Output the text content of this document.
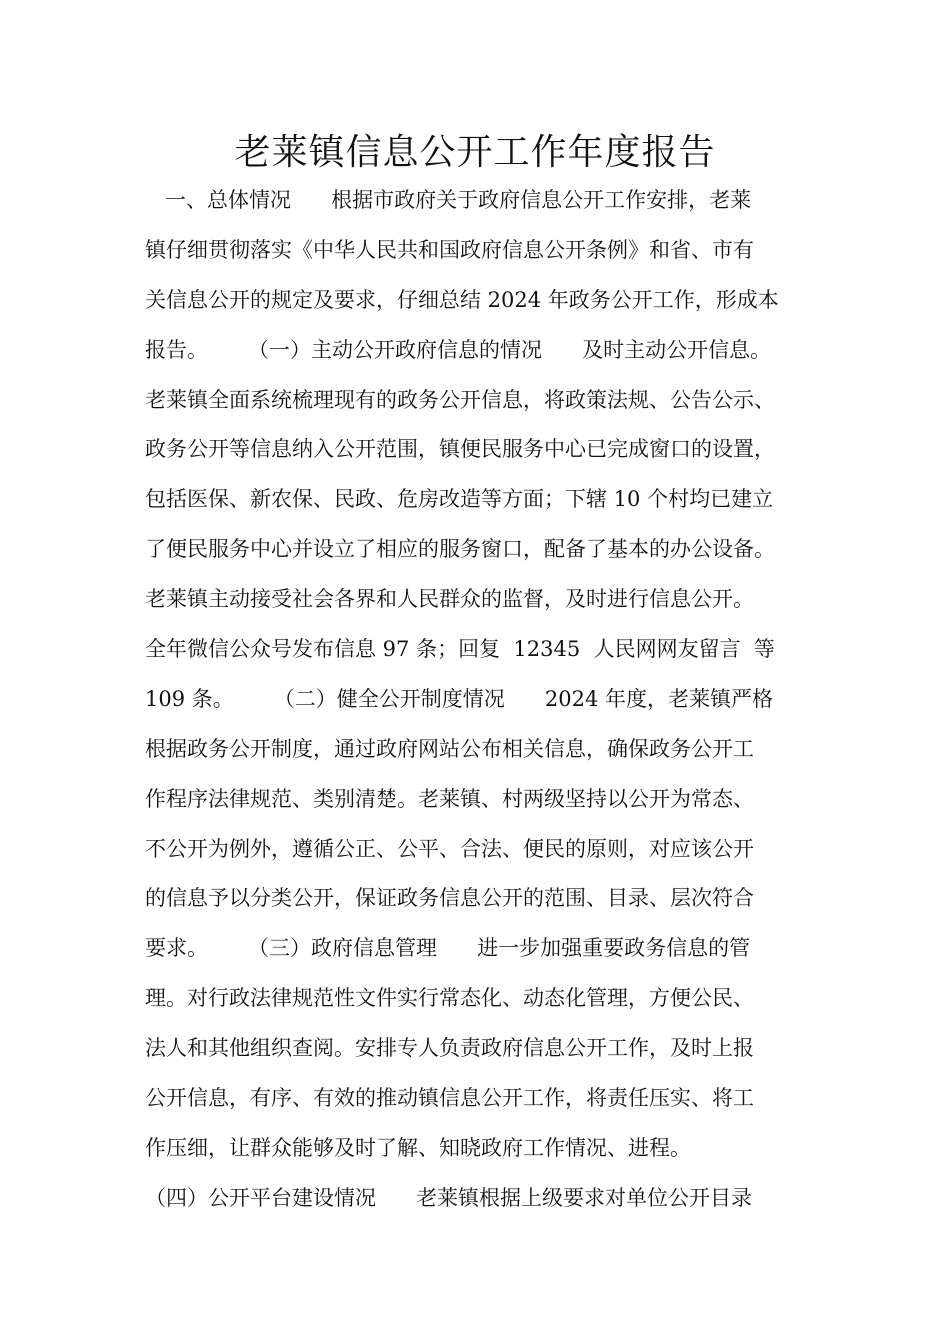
老莱镇信息公开工作年度报告
一、总体情况      根据市政府关于政府信息公开工作安排，老莱
镇仔细贯彻落实《中华人民共和国政府信息公开条例》和省、市有
关信息公开的规定及要求，仔细总结 2024 年政务公开工作，形成本
报告。      （一）主动公开政府信息的情况      及时主动公开信息。
老莱镇全面系统梳理现有的政务公开信息，将政策法规、公告公示、
政务公开等信息纳入公开范围，镇便民服务中心已完成窗口的设置，
包括医保、新农保、民政、危房改造等方面；下辖 10 个村均已建立
了便民服务中心并设立了相应的服务窗口，配备了基本的办公设备。
老莱镇主动接受社会各界和人民群众的监督，及时进行信息公开。
全年微信公众号发布信息 97 条；回复  12345  人民网网友留言  等
109 条。      （二）健全公开制度情况      2024 年度，老莱镇严格
根据政务公开制度，通过政府网站公布相关信息，确保政务公开工
作程序法律规范、类别清楚。老莱镇、村两级坚持以公开为常态、
不公开为例外，遵循公正、公平、合法、便民的原则，对应该公开
的信息予以分类公开，保证政务信息公开的范围、目录、层次符合
要求。      （三）政府信息管理      进一步加强重要政务信息的管
理。对行政法律规范性文件实行常态化、动态化管理，方便公民、
法人和其他组织查阅。安排专人负责政府信息公开工作，及时上报
公开信息，有序、有效的推动镇信息公开工作，将责任压实、将工
作压细，让群众能够及时了解、知晓政府工作情况、进程。
（四）公开平台建设情况      老莱镇根据上级要求对单位公开目录
